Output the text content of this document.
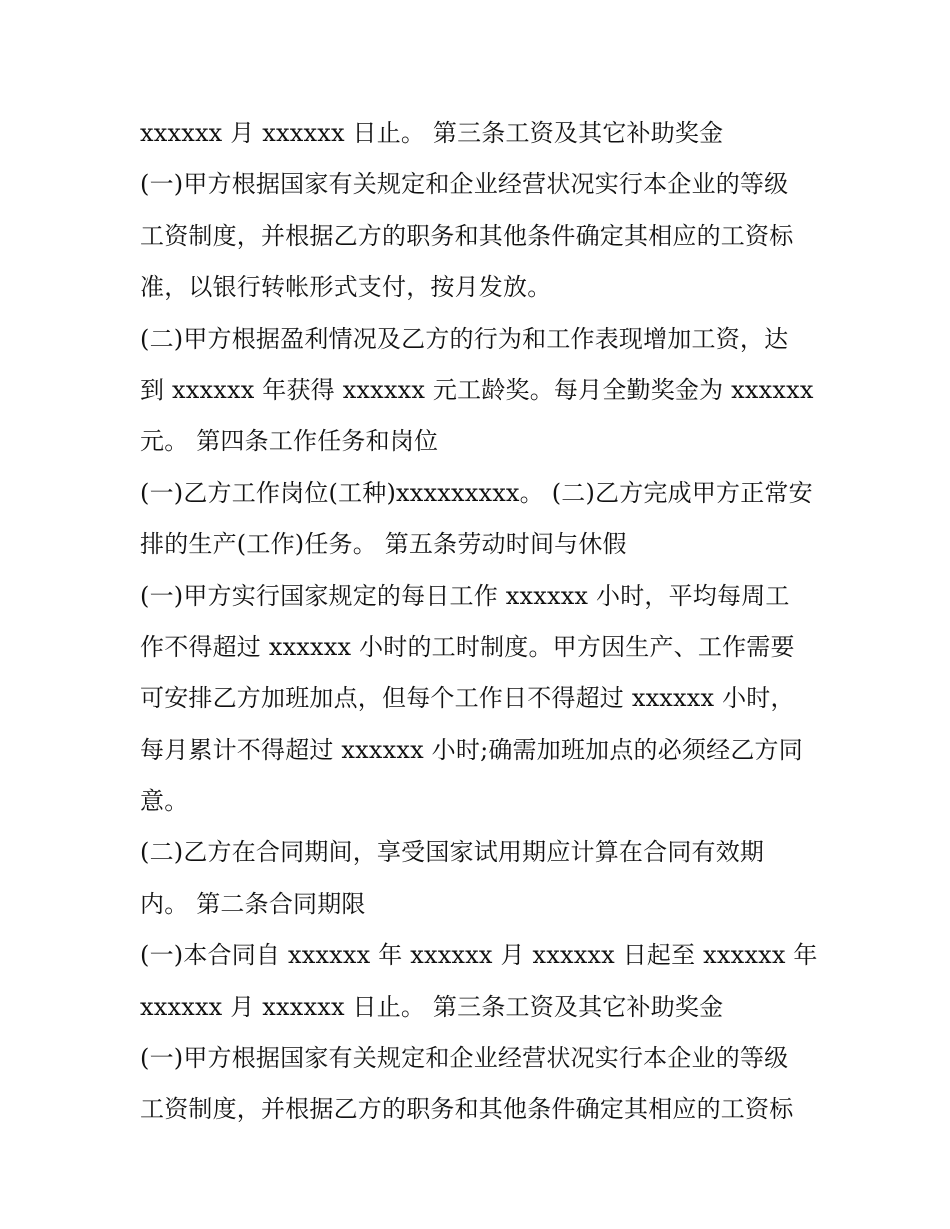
xxxxxx 月 xxxxxx 日止。 第三条工资及其它补助奖金
(一)甲方根据国家有关规定和企业经营状况实行本企业的等级
工资制度，并根据乙方的职务和其他条件确定其相应的工资标
准，以银行转帐形式支付，按月发放。
(二)甲方根据盈利情况及乙方的行为和工作表现增加工资，达
到 xxxxxx 年获得 xxxxxx 元工龄奖。每月全勤奖金为 xxxxxx
元。 第四条工作任务和岗位
(一)乙方工作岗位(工种)xxxxxxxxx。 (二)乙方完成甲方正常安
排的生产(工作)任务。 第五条劳动时间与休假
(一)甲方实行国家规定的每日工作 xxxxxx 小时，平均每周工
作不得超过 xxxxxx 小时的工时制度。甲方因生产、工作需要
可安排乙方加班加点，但每个工作日不得超过 xxxxxx 小时，
每月累计不得超过 xxxxxx 小时;确需加班加点的必须经乙方同
意。
(二)乙方在合同期间，享受国家试用期应计算在合同有效期
内。 第二条合同期限
(一)本合同自 xxxxxx 年 xxxxxx 月 xxxxxx 日起至 xxxxxx 年
xxxxxx 月 xxxxxx 日止。 第三条工资及其它补助奖金
(一)甲方根据国家有关规定和企业经营状况实行本企业的等级
工资制度，并根据乙方的职务和其他条件确定其相应的工资标
